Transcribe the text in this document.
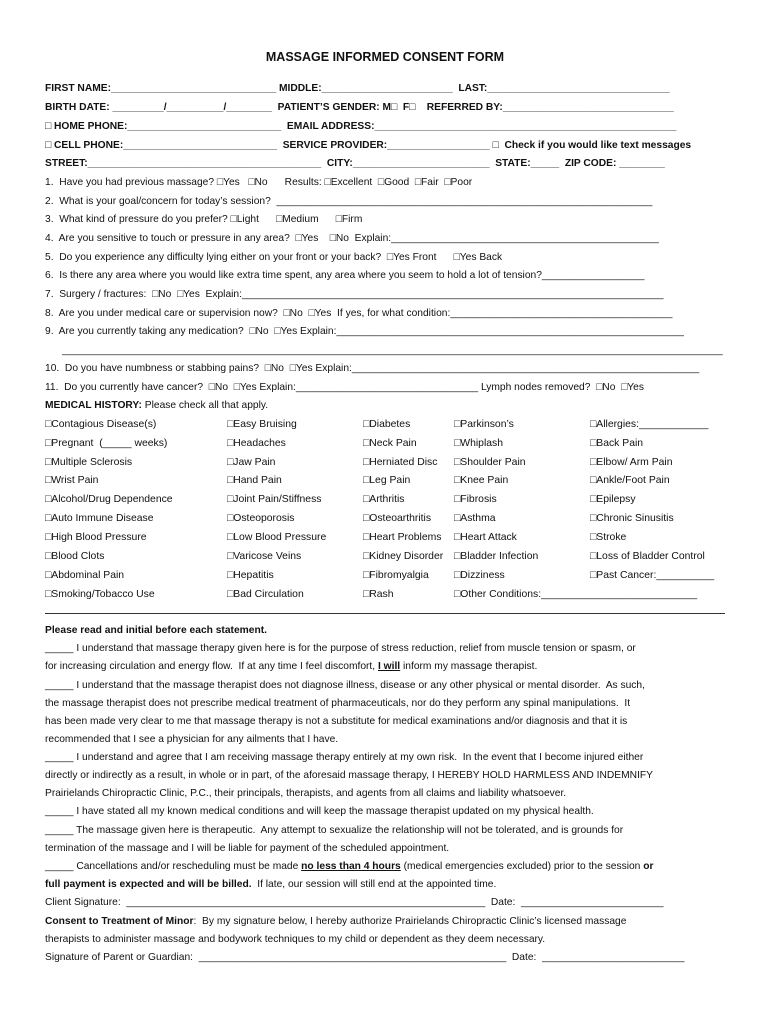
MASSAGE INFORMED CONSENT FORM
FIRST NAME:_____________________________ MIDDLE:_______________________  LAST:________________________________
BIRTH DATE: _________/__________/________  PATIENT’S GENDER: M□  F□    REFERRED BY:______________________________
□ HOME PHONE:___________________________  EMAIL ADDRESS:_____________________________________________________
□ CELL PHONE:___________________________  SERVICE PROVIDER:__________________ □  Check if you would like text messages
STREET:_________________________________________  CITY:________________________  STATE:_____  ZIP CODE: ________
1.  Have you had previous massage? □Yes   □No      Results: □Excellent  □Good  □Fair  □Poor
2.  What is your goal/concern for today’s session?  __________________________________________________________________
3.  What kind of pressure do you prefer? □Light      □Medium      □Firm
4.  Are you sensitive to touch or pressure in any area?  □Yes    □No  Explain:_______________________________________________
5.  Do you experience any difficulty lying either on your front or your back?  □Yes Front      □Yes Back
6.  Is there any area where you would like extra time spent, any area where you seem to hold a lot of tension?__________________
7.  Surgery / fractures:  □No  □Yes  Explain:__________________________________________________________________________
8.  Are you under medical care or supervision now?  □No  □Yes  If yes, for what condition:_______________________________________
9.  Are you currently taking any medication?  □No  □Yes Explain:_____________________________________________________________
____________________________________________________________________________________________________________________
10.  Do you have numbness or stabbing pains?  □No  □Yes Explain:_____________________________________________________________
11.  Do you currently have cancer?  □No  □Yes Explain:________________________________ Lymph nodes removed?  □No  □Yes
MEDICAL HISTORY: Please check all that apply.
□Contagious Disease(s)	□Easy Bruising	□Diabetes	□Parkinson’s	□Allergies:____________
□Pregnant  (_____ weeks)	□Headaches	□Neck Pain	□Whiplash	□Back Pain
□Multiple Sclerosis	□Jaw Pain	□Herniated Disc □Shoulder Pain	□Elbow/ Arm Pain
□Wrist Pain	□Hand Pain	□Leg Pain	□Knee Pain	□Ankle/Foot Pain
□Alcohol/Drug Dependence	□Joint Pain/Stiffness	□Arthritis	□Fibrosis	□Epilepsy
□Auto Immune Disease	□Osteoporosis	□Osteoarthritis □Asthma	□Chronic Sinusitis
□High Blood Pressure	□Low Blood Pressure	□Heart Problems □Heart Attack	□Stroke
□Blood Clots	□Varicose Veins	□Kidney Disorder □Bladder Infection	□Loss of Bladder Control
□Abdominal Pain	□Hepatitis	□Fibromyalgia □Dizziness	□Past Cancer:__________
□Smoking/Tobacco Use	□Bad Circulation	□Rash	□Other Conditions:___________________________
Please read and initial before each statement.
_____ I understand that massage therapy given here is for the purpose of stress reduction, relief from muscle tension or spasm, or
for increasing circulation and energy flow.  If at any time I feel discomfort, I will inform my massage therapist.
_____ I understand that the massage therapist does not diagnose illness, disease or any other physical or mental disorder.  As such,
the massage therapist does not prescribe medical treatment of pharmaceuticals, nor do they perform any spinal manipulations.  It
has been made very clear to me that massage therapy is not a substitute for medical examinations and/or diagnosis and that it is
recommended that I see a physician for any ailments that I have.
_____ I understand and agree that I am receiving massage therapy entirely at my own risk.  In the event that I become injured either
directly or indirectly as a result, in whole or in part, of the aforesaid massage therapy, I HEREBY HOLD HARMLESS AND INDEMNIFY
Prairielands Chiropractic Clinic, P.C., their principals, therapists, and agents from all claims and liability whatsoever.
_____ I have stated all my known medical conditions and will keep the massage therapist updated on my physical health.
_____ The massage given here is therapeutic.  Any attempt to sexualize the relationship will not be tolerated, and is grounds for
termination of the massage and I will be liable for payment of the scheduled appointment.
_____ Cancellations and/or rescheduling must be made no less than 4 hours (medical emergencies excluded) prior to the session or
full payment is expected and will be billed.  If late, our session will still end at the appointed time.
Client Signature:  _______________________________________________________________  Date:  _________________________
Consent to Treatment of Minor:  By my signature below, I hereby authorize Prairielands Chiropractic Clinic’s licensed massage
therapists to administer massage and bodywork techniques to my child or dependent as they deem necessary.
Signature of Parent or Guardian:  ______________________________________________________  Date:  _________________________
